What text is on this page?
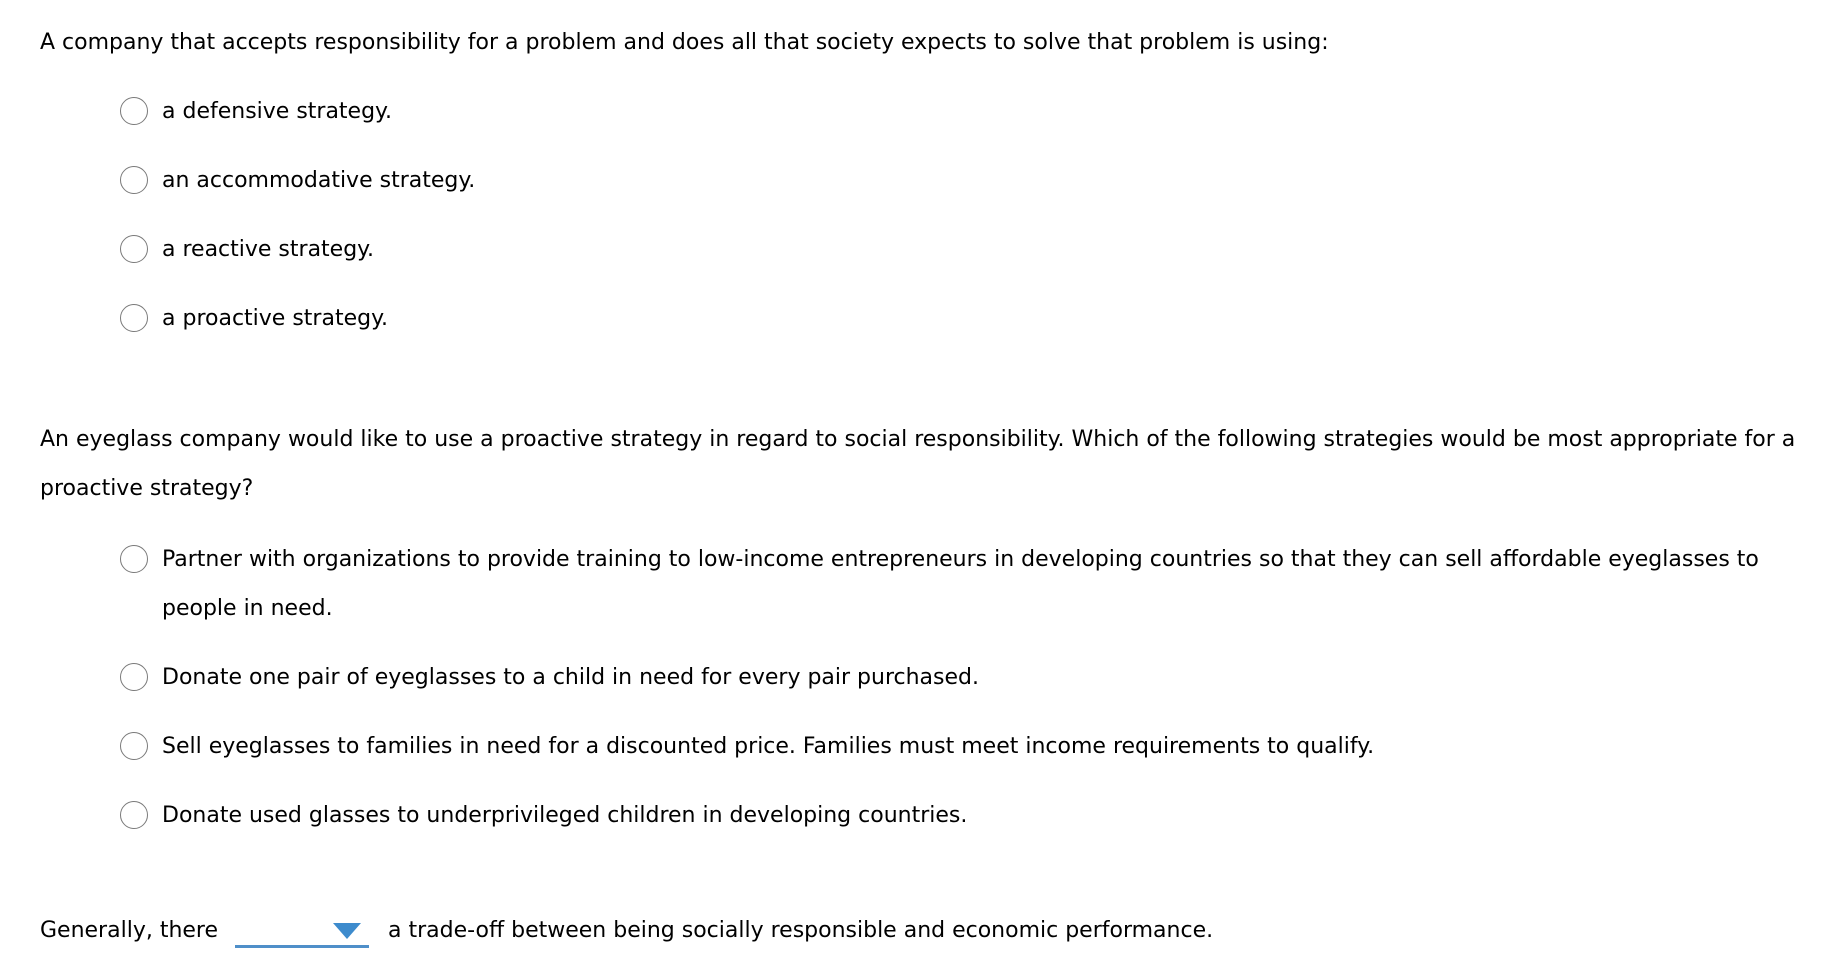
A company that accepts responsibility for a problem and does all that society expects to solve that problem is using:

a defensive strategy.
an accommodative strategy.
a reactive strategy.
a proactive strategy.

An eyeglass company would like to use a proactive strategy in regard to social responsibility. Which of the following strategies would be most appropriate for a proactive strategy?

Partner with organizations to provide training to low-income entrepreneurs in developing countries so that they can sell affordable eyeglasses to people in need.
Donate one pair of eyeglasses to a child in need for every pair purchased.
Sell eyeglasses to families in need for a discounted price. Families must meet income requirements to qualify.
Donate used glasses to underprivileged children in developing countries.
Generally, there	a trade-off between being socially responsible and economic performance.
